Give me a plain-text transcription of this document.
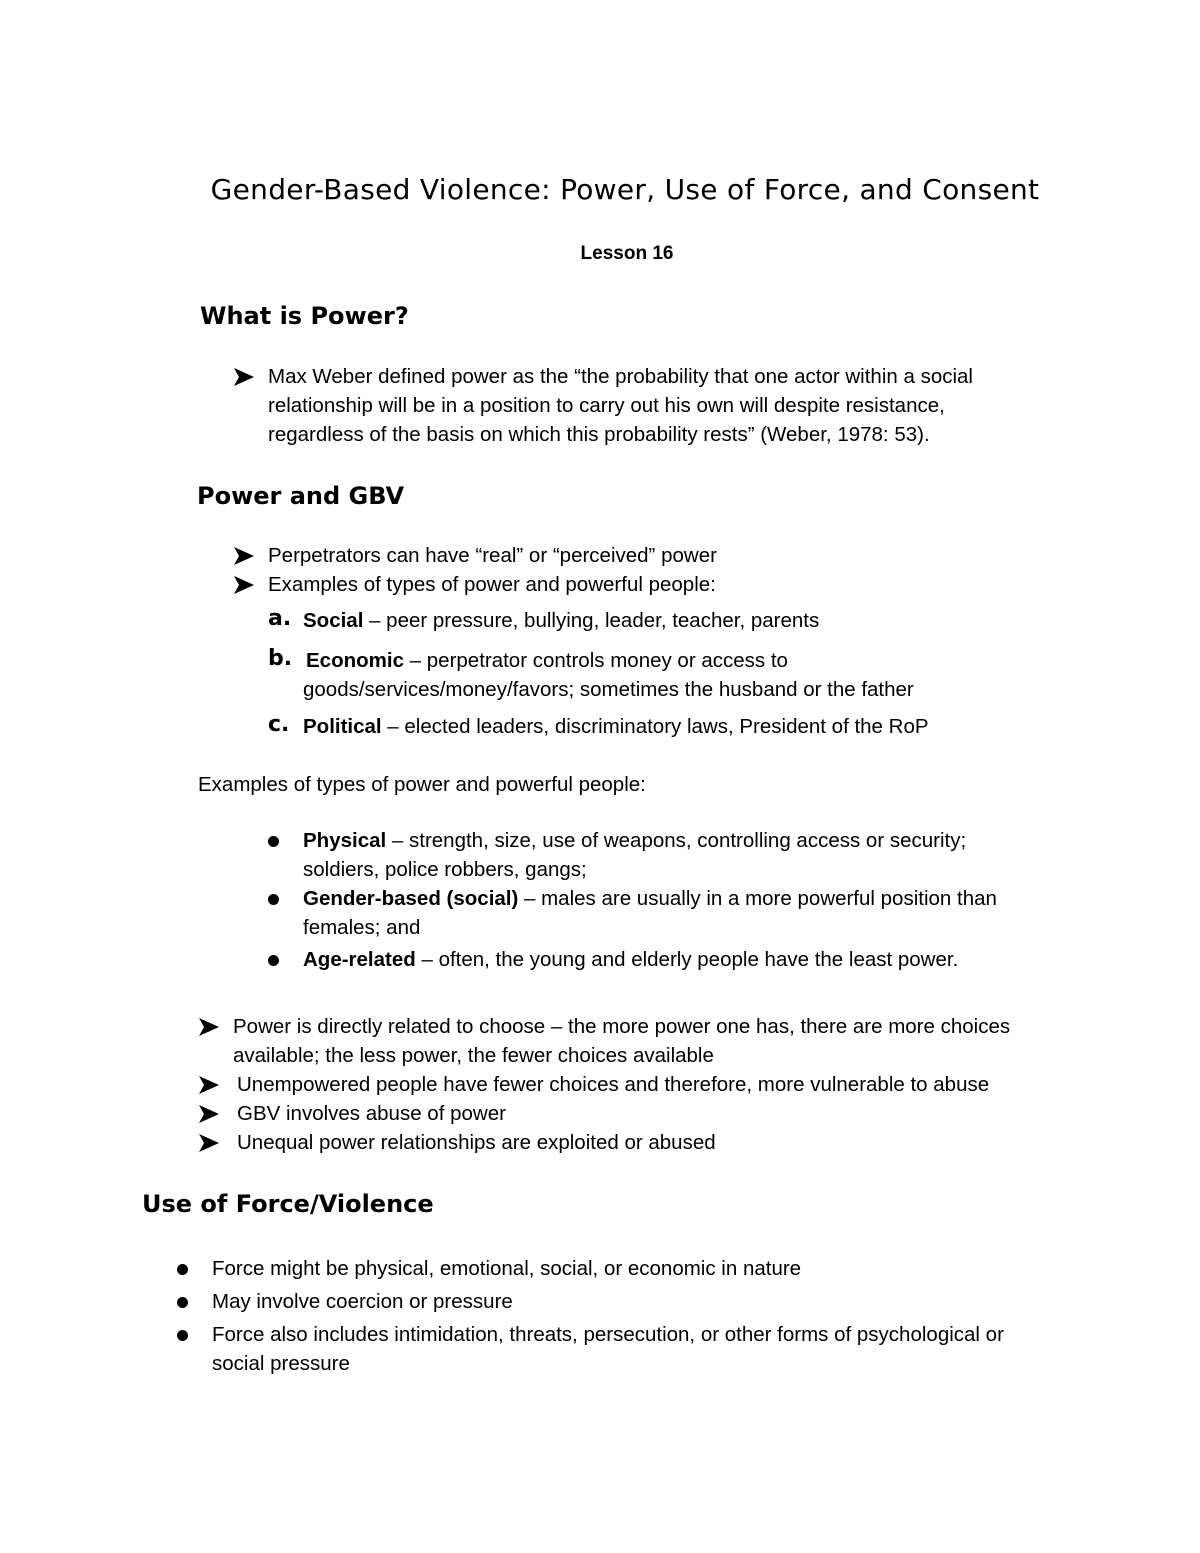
Gender-Based Violence: Power, Use of Force, and Consent
Lesson 16
What is Power?
Max Weber defined power as the “the probability that one actor within a social
relationship will be in a position to carry out his own will despite resistance,
regardless of the basis on which this probability rests” (Weber, 1978: 53).
Power and GBV
Perpetrators can have “real” or “perceived” power
Examples of types of power and powerful people:
a. Social – peer pressure, bullying, leader, teacher, parents
b. Economic – perpetrator controls money or access to
goods/services/money/favors; sometimes the husband or the father
c. Political – elected leaders, discriminatory laws, President of the RoP
Examples of types of power and powerful people:
Physical – strength, size, use of weapons, controlling access or security;
soldiers, police robbers, gangs;
Gender-based (social) – males are usually in a more powerful position than
females; and
Age-related – often, the young and elderly people have the least power.
Power is directly related to choose – the more power one has, there are more choices
available; the less power, the fewer choices available
Unempowered people have fewer choices and therefore, more vulnerable to abuse
GBV involves abuse of power
Unequal power relationships are exploited or abused
Use of Force/Violence
Force might be physical, emotional, social, or economic in nature
May involve coercion or pressure
Force also includes intimidation, threats, persecution, or other forms of psychological or
social pressure
